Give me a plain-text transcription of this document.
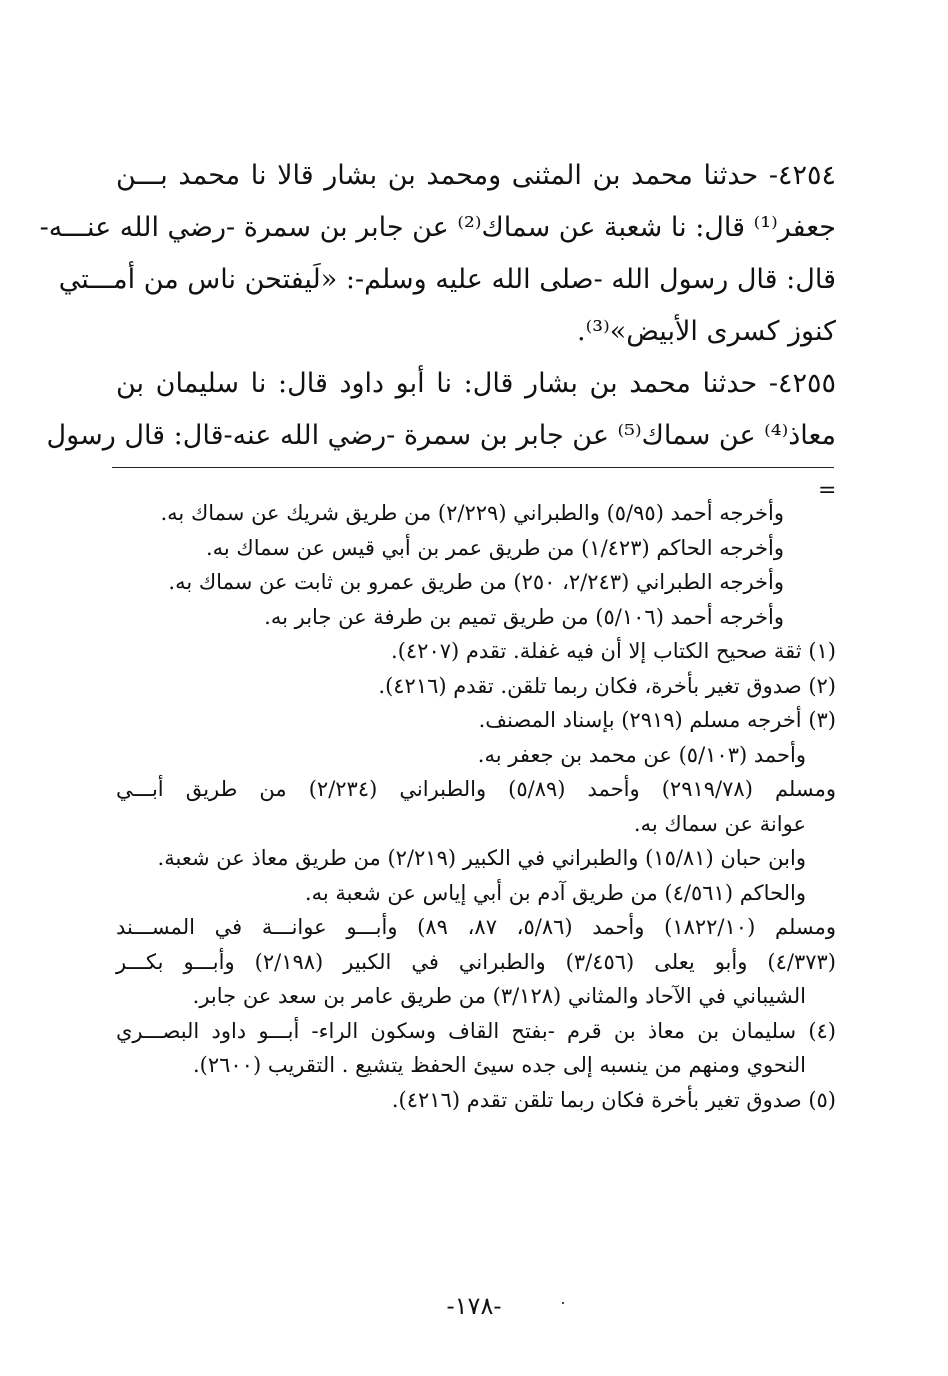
٤٢٥٤- حدثنا محمد بن المثنى ومحمد بن بشار قالا نا محمد بـــن
جعفر⁽¹⁾ قال: نا شعبة عن سماك⁽²⁾ عن جابر بن سمرة -رضي الله عنـــه-
قال: قال رسول الله -صلى الله عليه وسلم-: «لَيفتحن ناس من أمـــتي
كنوز كسرى الأبيض»⁽³⁾.
٤٢٥٥- حدثنا محمد بن بشار قال: نا أبو داود قال: نا سليمان بن
معاذ⁽⁴⁾ عن سماك⁽⁵⁾ عن جابر بن سمرة -رضي الله عنه-قال: قال رسول
=
وأخرجه أحمد (٥/٩٥) والطبراني (٢/٢٢٩) من طريق شريك عن سماك به.
وأخرجه الحاكم (١/٤٢٣) من طريق عمر بن أبي قيس عن سماك به.
وأخرجه الطبراني (٢/٢٤٣، ٢٥٠) من طريق عمرو بن ثابت عن سماك به.
وأخرجه أحمد (٥/١٠٦) من طريق تميم بن طرفة عن جابر به.
(١) ثقة صحيح الكتاب إلا أن فيه غفلة. تقدم (٤٢٠٧).
(٢) صدوق تغير بأخرة، فكان ربما تلقن. تقدم (٤٢١٦).
(٣) أخرجه مسلم (٢٩١٩) بإسناد المصنف.
وأحمد (٥/١٠٣) عن محمد بن جعفر به.
ومسلم (٢٩١٩/٧٨) وأحمد (٥/٨٩) والطبراني (٢/٢٣٤) من طريق أبـــي
عوانة عن سماك به.
وابن حبان (١٥/٨١) والطبراني في الكبير (٢/٢١٩) من طريق معاذ عن شعبة.
والحاكم (٤/٥٦١) من طريق آدم بن أبي إياس عن شعبة به.
ومسلم (١٨٢٢/١٠) وأحمد (٥/٨٦، ٨٧، ٨٩) وأبـــو عوانـــة في المســـند
(٤/٣٧٣) وأبو يعلى (٣/٤٥٦) والطبراني في الكبير (٢/١٩٨) وأبـــو بكـــر
الشيباني في الآحاد والمثاني (٣/١٢٨) من طريق عامر بن سعد عن جابر.
(٤) سليمان بن معاذ بن قرم -بفتح القاف وسكون الراء- أبـــو داود البصـــري
النحوي ومنهم من ينسبه إلى جده سيئ الحفظ يتشيع . التقريب (٢٦٠٠).
(٥) صدوق تغير بأخرة فكان ربما تلقن تقدم (٤٢١٦).
-١٧٨-
